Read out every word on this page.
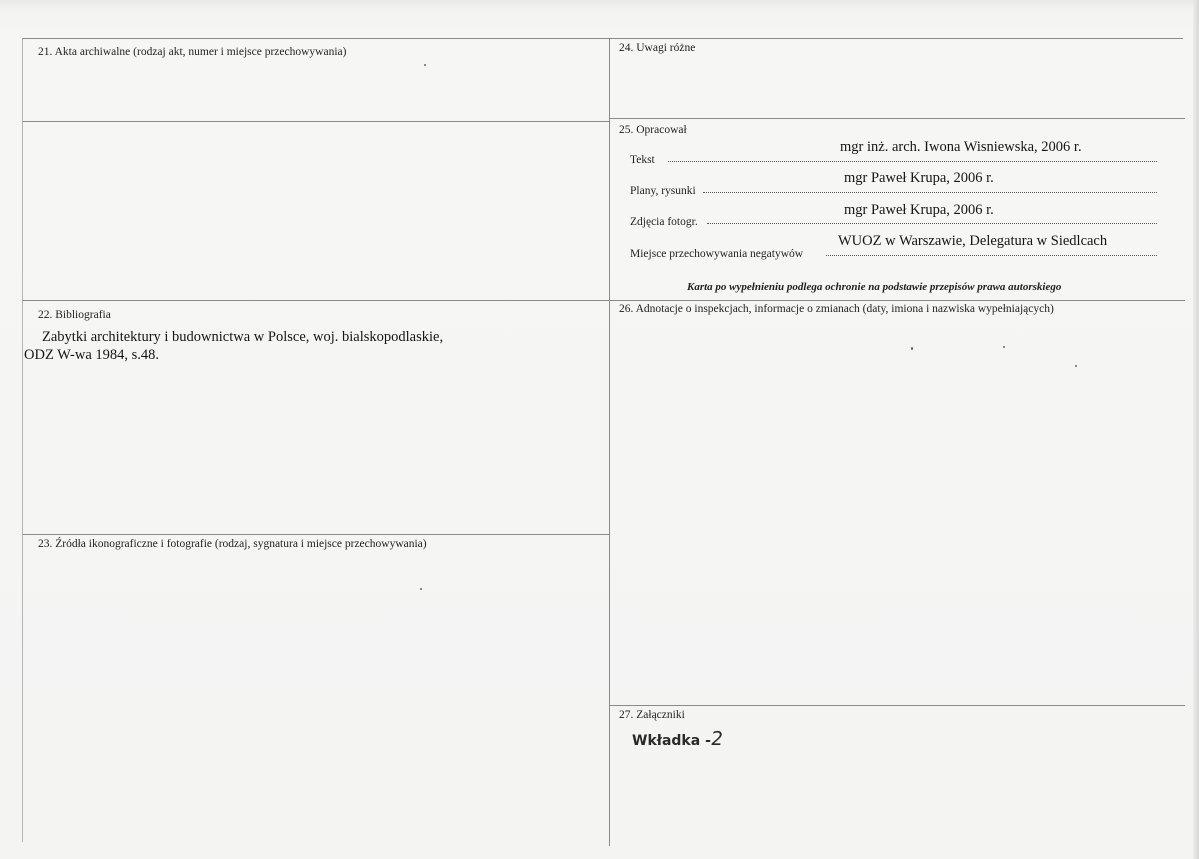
21. Akta archiwalne (rodzaj akt, numer i miejsce przechowywania)	24. Uwagi różne
25. Opracował
mgr inż. arch. Iwona Wisniewska, 2006 r.
Tekst
mgr Paweł Krupa, 2006 r.
Plany, rysunki
mgr Paweł Krupa, 2006 r.
Zdjęcia fotogr.
WUOZ w Warszawie, Delegatura w Siedlcach
Miejsce przechowywania negatywów
Karta po wypełnieniu podlega ochronie na podstawie przepisów prawa autorskiego
22. Bibliografia
Zabytki architektury i budownictwa w Polsce, woj. bialskopodlaskie,
ODZ W-wa 1984, s.48.
26. Adnotacje o inspekcjach, informacje o zmianach (daty, imiona i nazwiska wypełniających)
23. Źródła ikonograficzne i fotografie (rodzaj, sygnatura i miejsce przechowywania)
27. Załączniki
Wkładka -2
